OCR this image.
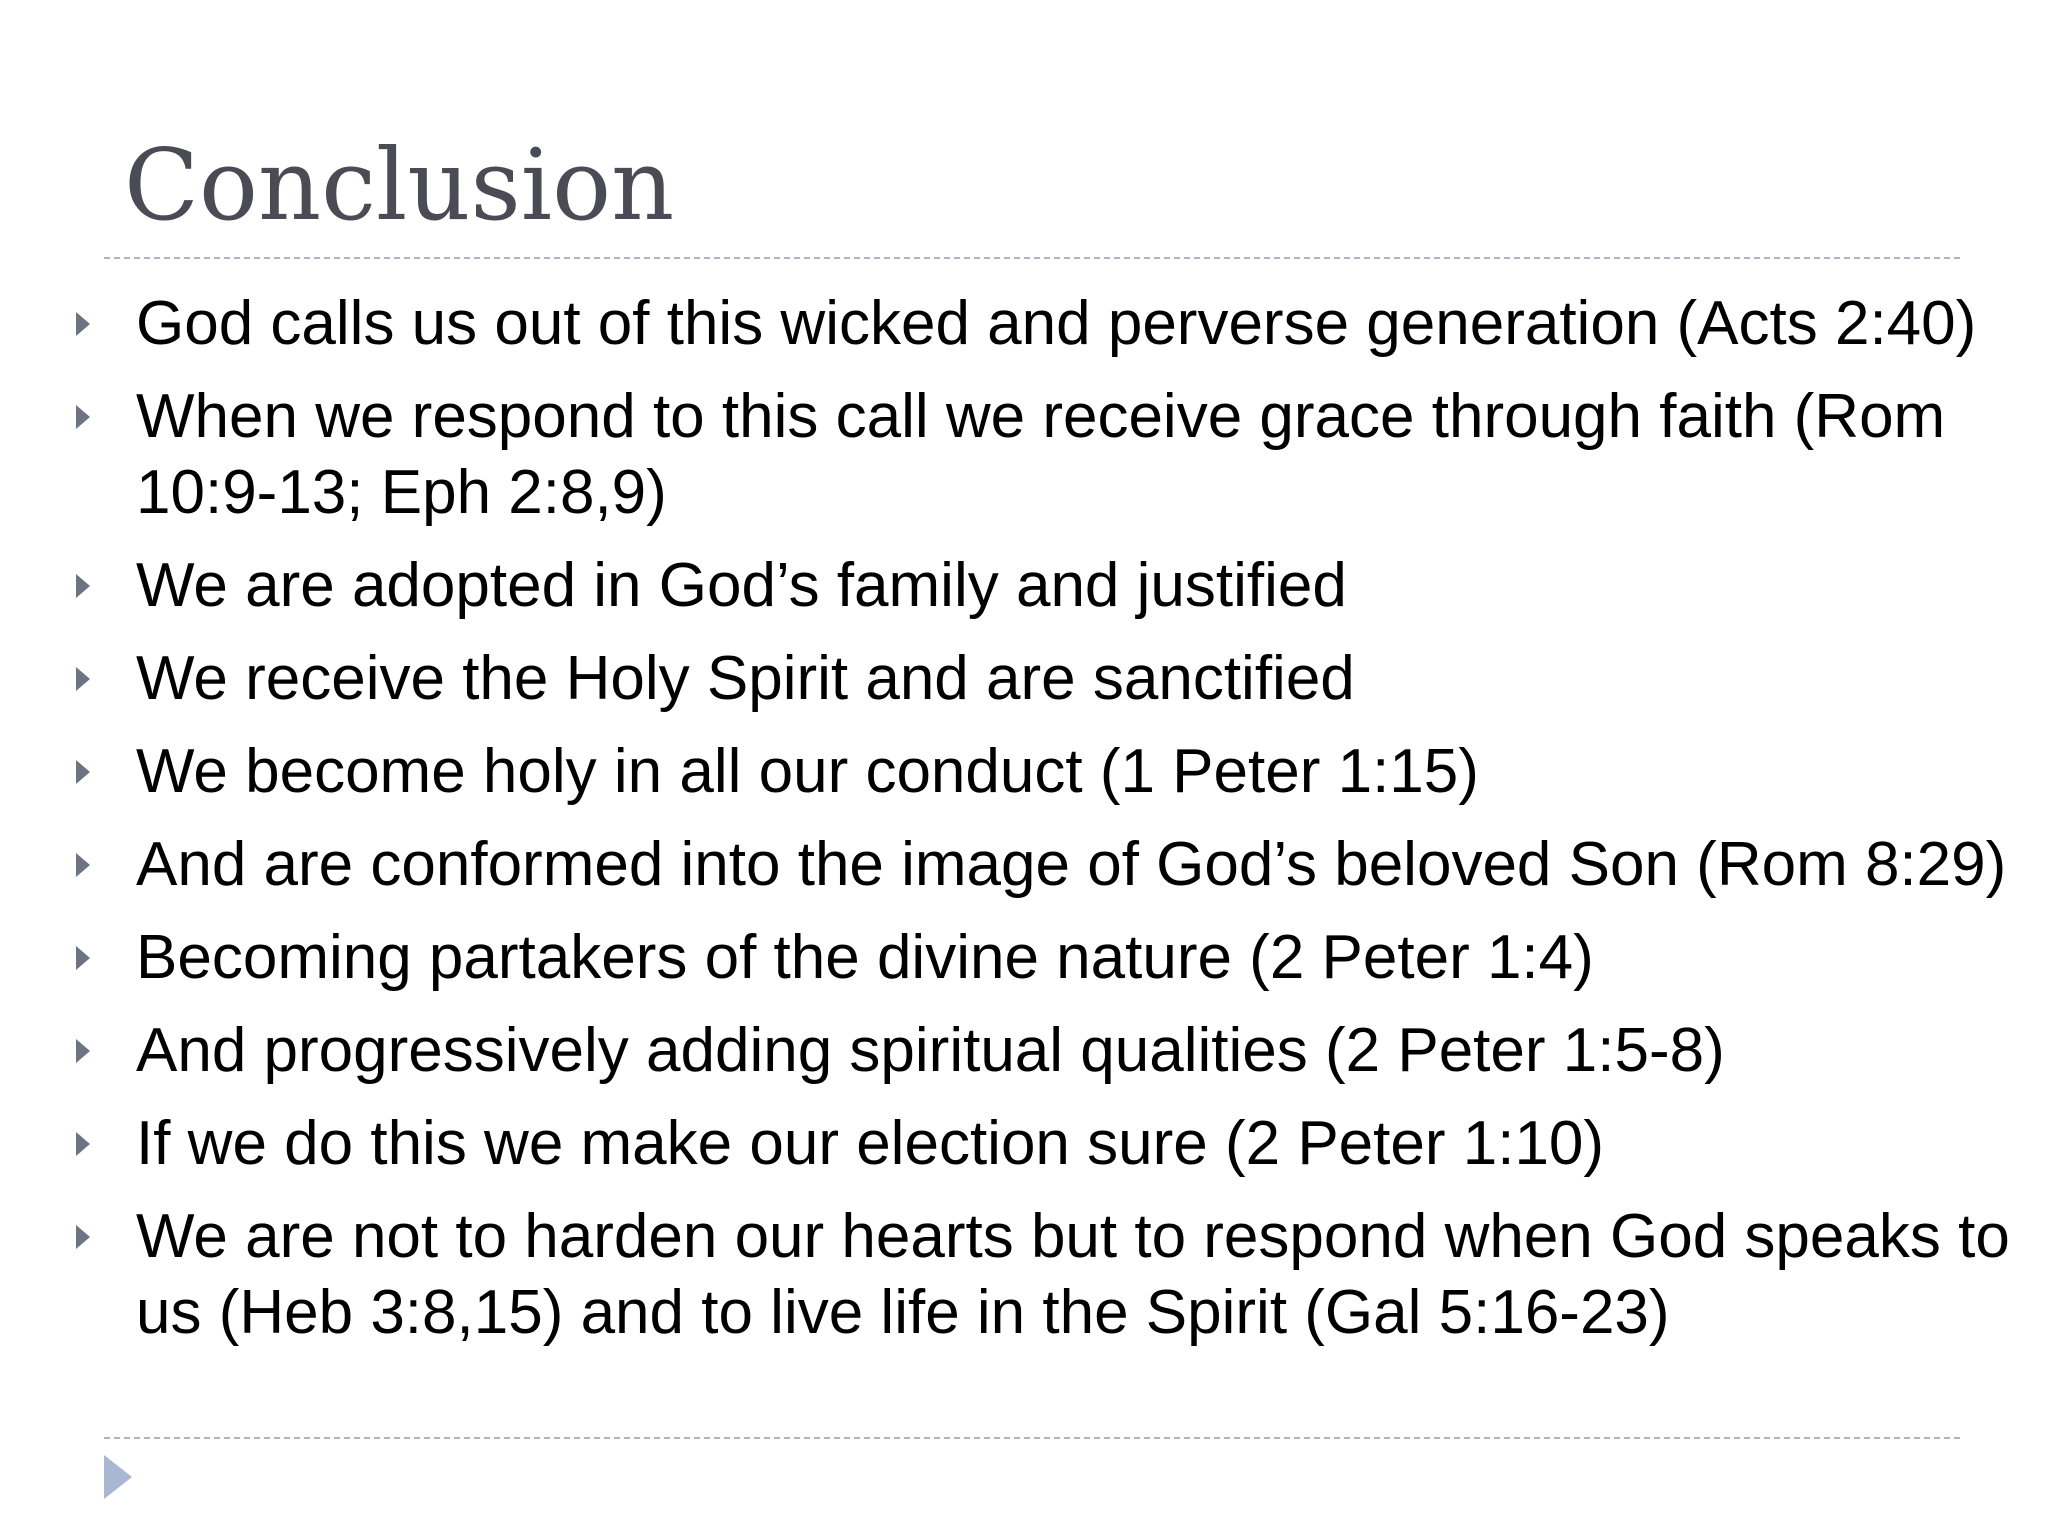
Conclusion
God calls us out of this wicked and perverse generation (Acts 2:40)
When we respond to this call we receive grace through faith (Rom 10:9-13; Eph 2:8,9)
We are adopted in God’s family and justified
We receive the Holy Spirit and are sanctified
We become holy in all our conduct (1 Peter 1:15)
And are conformed into the image of God’s beloved Son (Rom 8:29)
Becoming partakers of the divine nature (2 Peter 1:4)
And progressively adding spiritual qualities (2 Peter 1:5-8)
If we do this we make our election sure (2 Peter 1:10)
We are not to harden our hearts but to respond when God speaks to us (Heb 3:8,15) and to live life in the Spirit (Gal 5:16-23)
